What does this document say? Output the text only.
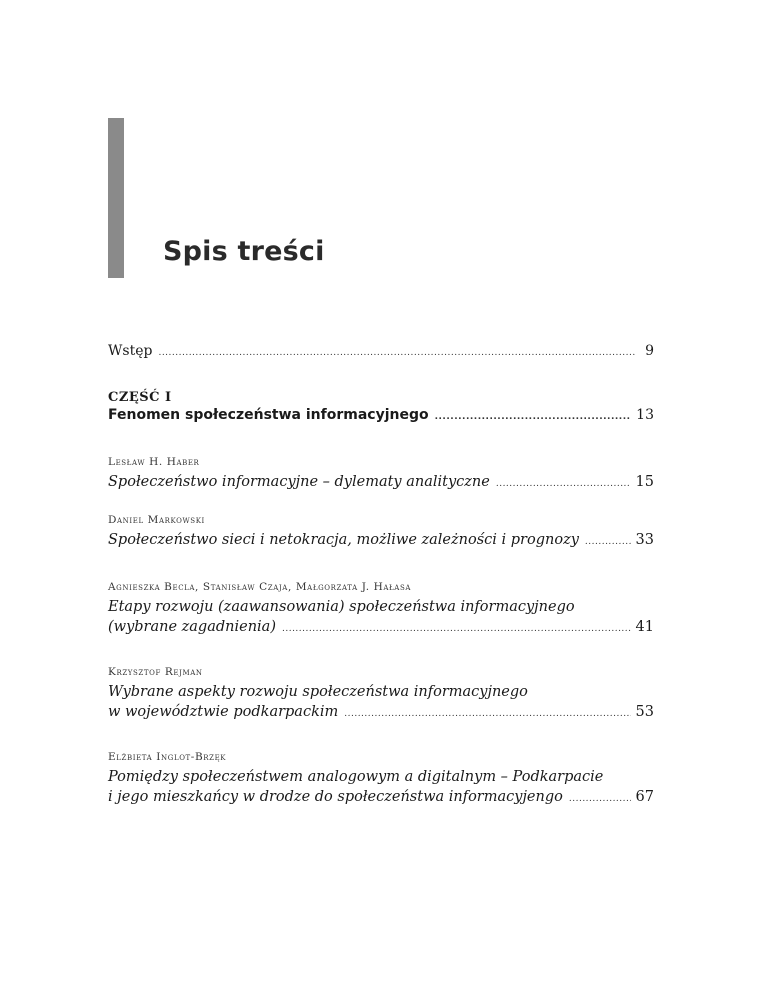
Spis treści
Wstęp .....	9
CZĘŚĆ I
Fenomen społeczeństwa informacyjnego .....	13
Lesław H. Haber
Społeczeństwo informacyjne – dylematy analityczne .....	15
Daniel Markowski
Społeczeństwo sieci i netokracja, możliwe zależności i prognozy .....	33
Agnieszka Becla, Stanisław Czaja, Małgorzata J. Hałasa
Etapy rozwoju (zaawansowania) społeczeństwa informacyjnego
(wybrane zagadnienia) .....	41
Krzysztof Rejman
Wybrane aspekty rozwoju społeczeństwa informacyjnego
w województwie podkarpackim .....	53
Elżbieta Inglot-Brzęk
Pomiędzy społeczeństwem analogowym a digitalnym – Podkarpacie
i jego mieszkańcy w drodze do społeczeństwa informacyjengo .....	67
